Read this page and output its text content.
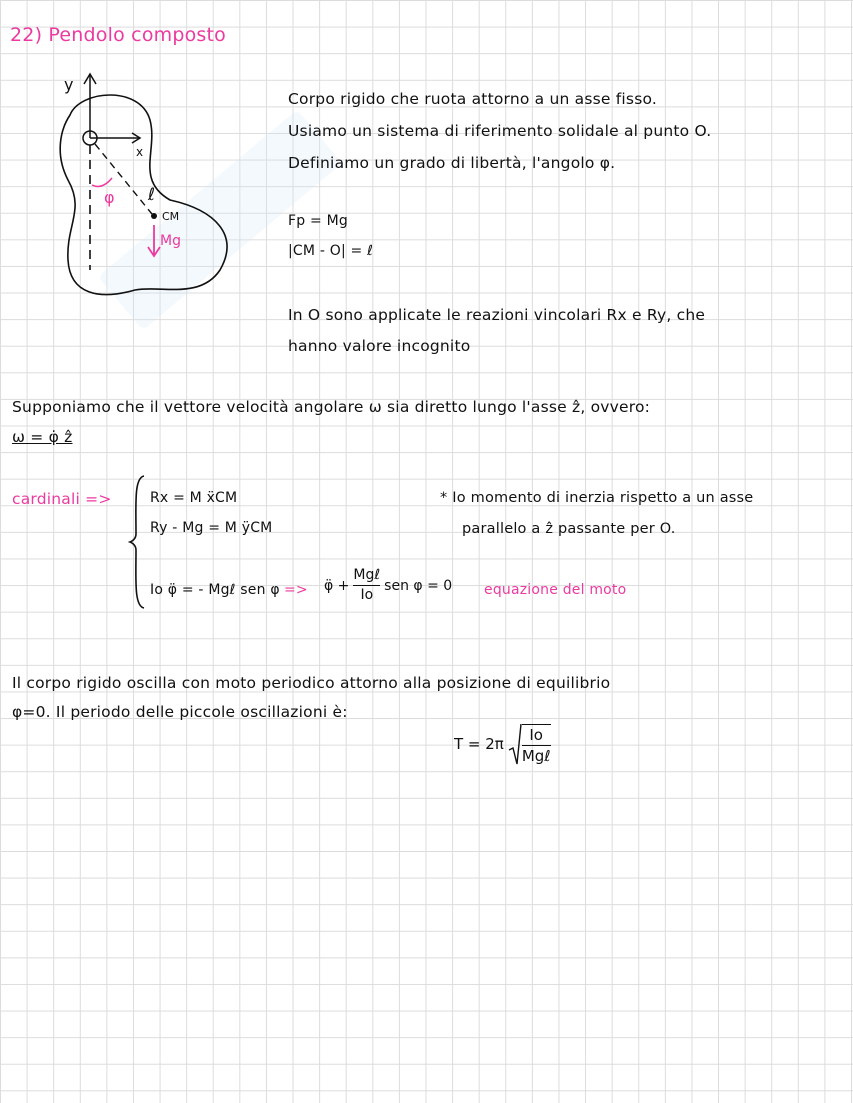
22) Pendolo composto
y
x
φ ℓ
CM
Mg
Corpo rigido che ruota attorno a un asse fisso.
Usiamo un sistema di riferimento solidale al punto O.
Definiamo un grado di libertà, l'angolo φ.
Fp = Mg
|CM - O| = ℓ
In O sono applicate le reazioni vincolari Rx e Ry, che
hanno valore incognito
Supponiamo che il vettore velocità angolare ω sia diretto lungo l'asse ẑ, ovvero:
ω = φ̇ ẑ
cardinali =>	Rx = M ẍCM
Ry - Mg = M ÿCM
Io φ̈ = - Mgℓ sen φ => φ̈ + $\frac{\text{Mgℓ}}{Io}$ sen φ = 0 equazione del moto
* Io momento di inerzia rispetto a un asse
parallelo a ẑ passante per O.
Il corpo rigido oscilla con moto periodico attorno alla posizione di equilibrio
φ=0. Il periodo delle piccole oscillazioni è:
$T = 2\pi \frac{Io}{\text{Mgℓ}}$
